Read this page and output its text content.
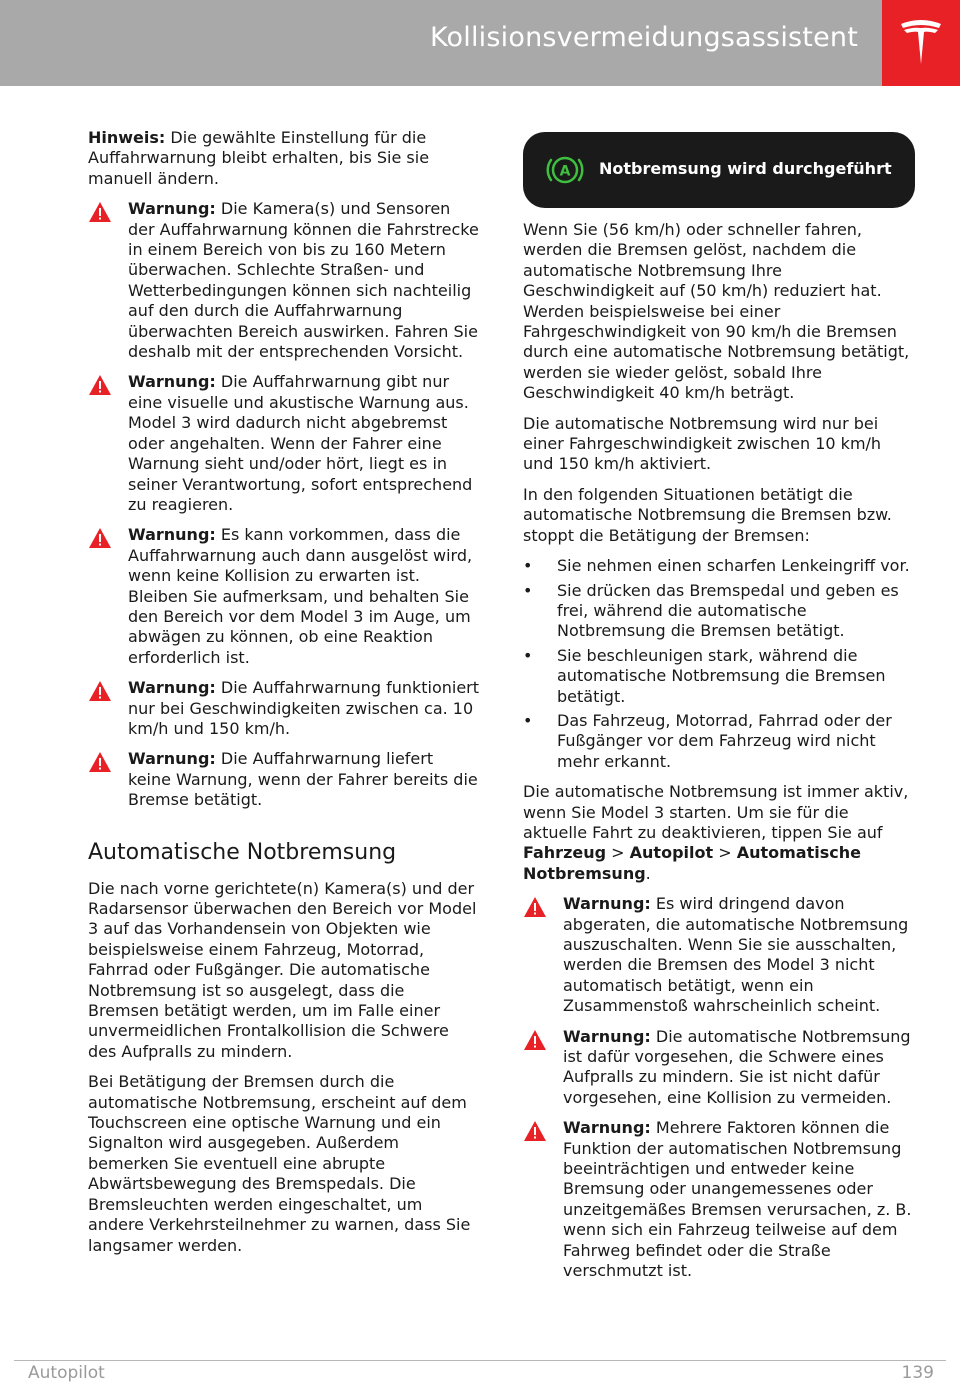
Kollisionsvermeidungsassistent

Hinweis: Die gewählte Einstellung für die Auffahrwarnung bleibt erhalten, bis Sie sie manuell ändern.

Warnung: Die Kamera(s) und Sensoren der Auffahrwarnung können die Fahrstrecke in einem Bereich von bis zu 160 Metern überwachen. Schlechte Straßen- und Wetterbedingungen können sich nachteilig auf den durch die Auffahrwarnung überwachten Bereich auswirken. Fahren Sie deshalb mit der entsprechenden Vorsicht.
Warnung: Die Auffahrwarnung gibt nur eine visuelle und akustische Warnung aus. Model 3 wird dadurch nicht abgebremst oder angehalten. Wenn der Fahrer eine Warnung sieht und/oder hört, liegt es in seiner Verantwortung, sofort entsprechend zu reagieren.
Warnung: Es kann vorkommen, dass die Auffahrwarnung auch dann ausgelöst wird, wenn keine Kollision zu erwarten ist. Bleiben Sie aufmerksam, und behalten Sie den Bereich vor dem Model 3 im Auge, um abwägen zu können, ob eine Reaktion erforderlich ist.
Warnung: Die Auffahrwarnung funktioniert nur bei Geschwindigkeiten zwischen ca. 10 km/h und 150 km/h.
Warnung: Die Auffahrwarnung liefert keine Warnung, wenn der Fahrer bereits die Bremse betätigt.
Automatische Notbremsung

Die nach vorne gerichtete(n) Kamera(s) und der Radarsensor überwachen den Bereich vor Model 3 auf das Vorhandensein von Objekten wie beispielsweise einem Fahrzeug, Motorrad, Fahrrad oder Fußgänger. Die automatische Notbremsung ist so ausgelegt, dass die Bremsen betätigt werden, um im Falle einer unvermeidlichen Frontalkollision die Schwere des Aufpralls zu mindern.

Bei Betätigung der Bremsen durch die automatische Notbremsung, erscheint auf dem Touchscreen eine optische Warnung und ein Signalton wird ausgegeben. Außerdem bemerken Sie eventuell eine abrupte Abwärtsbewegung des Bremspedals. Die Bremsleuchten werden eingeschaltet, um andere Verkehrsteilnehmer zu warnen, dass Sie langsamer werden.

A Notbremsung wird durchgeführt

Wenn Sie (56 km/h) oder schneller fahren, werden die Bremsen gelöst, nachdem die automatische Notbremsung Ihre Geschwindigkeit auf (50 km/h) reduziert hat. Werden beispielsweise bei einer Fahrgeschwindigkeit von 90 km/h die Bremsen durch eine automatische Notbremsung betätigt, werden sie wieder gelöst, sobald Ihre Geschwindigkeit 40 km/h beträgt.

Die automatische Notbremsung wird nur bei einer Fahrgeschwindigkeit zwischen 10 km/h und 150 km/h aktiviert.

In den folgenden Situationen betätigt die automatische Notbremsung die Bremsen bzw. stoppt die Betätigung der Bremsen:

• Sie nehmen einen scharfen Lenkeingriff vor.
• Sie drücken das Bremspedal und geben es frei, während die automatische Notbremsung die Bremsen betätigt.
• Sie beschleunigen stark, während die automatische Notbremsung die Bremsen betätigt.
• Das Fahrzeug, Motorrad, Fahrrad oder der Fußgänger vor dem Fahrzeug wird nicht mehr erkannt.

Die automatische Notbremsung ist immer aktiv, wenn Sie Model 3 starten. Um sie für die aktuelle Fahrt zu deaktivieren, tippen Sie auf Fahrzeug > Autopilot > Automatische Notbremsung.

Warnung: Es wird dringend davon abgeraten, die automatische Notbremsung auszuschalten. Wenn Sie sie ausschalten, werden die Bremsen des Model 3 nicht automatisch betätigt, wenn ein Zusammenstoß wahrscheinlich scheint.
Warnung: Die automatische Notbremsung ist dafür vorgesehen, die Schwere eines Aufpralls zu mindern. Sie ist nicht dafür vorgesehen, eine Kollision zu vermeiden.
Warnung: Mehrere Faktoren können die Funktion der automatischen Notbremsung beeinträchtigen und entweder keine Bremsung oder unangemessenes oder unzeitgemäßes Bremsen verursachen, z. B. wenn sich ein Fahrzeug teilweise auf dem Fahrweg befindet oder die Straße verschmutzt ist.
Autopilot	139
